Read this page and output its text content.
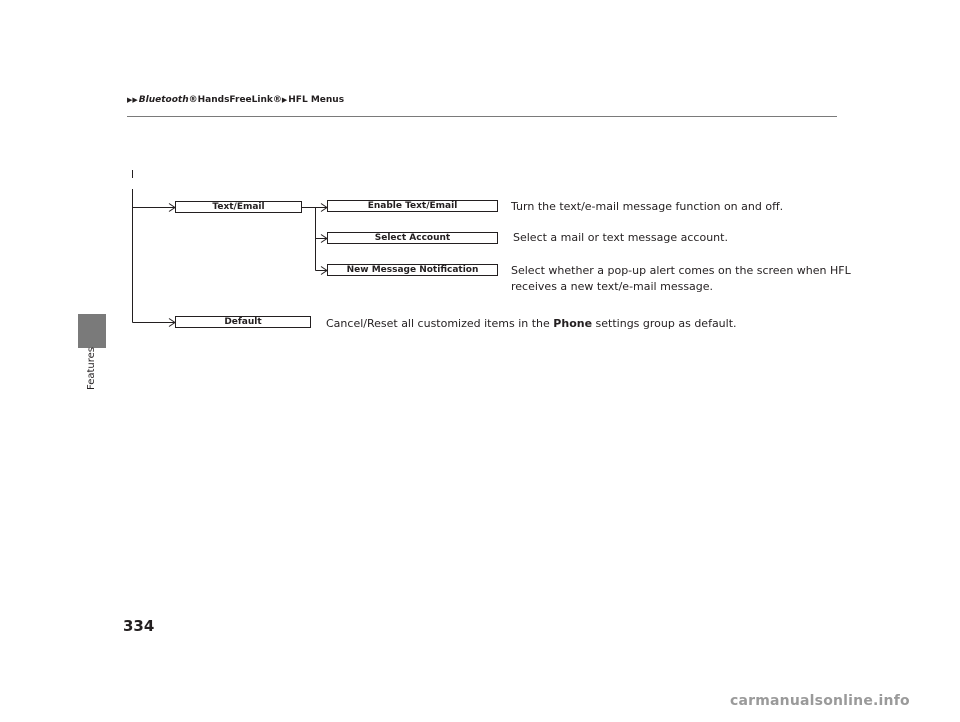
Features
▶▶ Bluetooth ® HandsFreeLink® ▶ HFL Menus
Text/Email	Enable Text/Email
Select Account
New Message Notification
Default
Turn the text/e-mail message function on and off.
Select a mail or text message account.
Select whether a pop-up alert comes on the screen when HFL
receives a new text/e-mail message.
Cancel/Reset all customized items in the Phone settings group as default.
334
carmanualsonline.info
